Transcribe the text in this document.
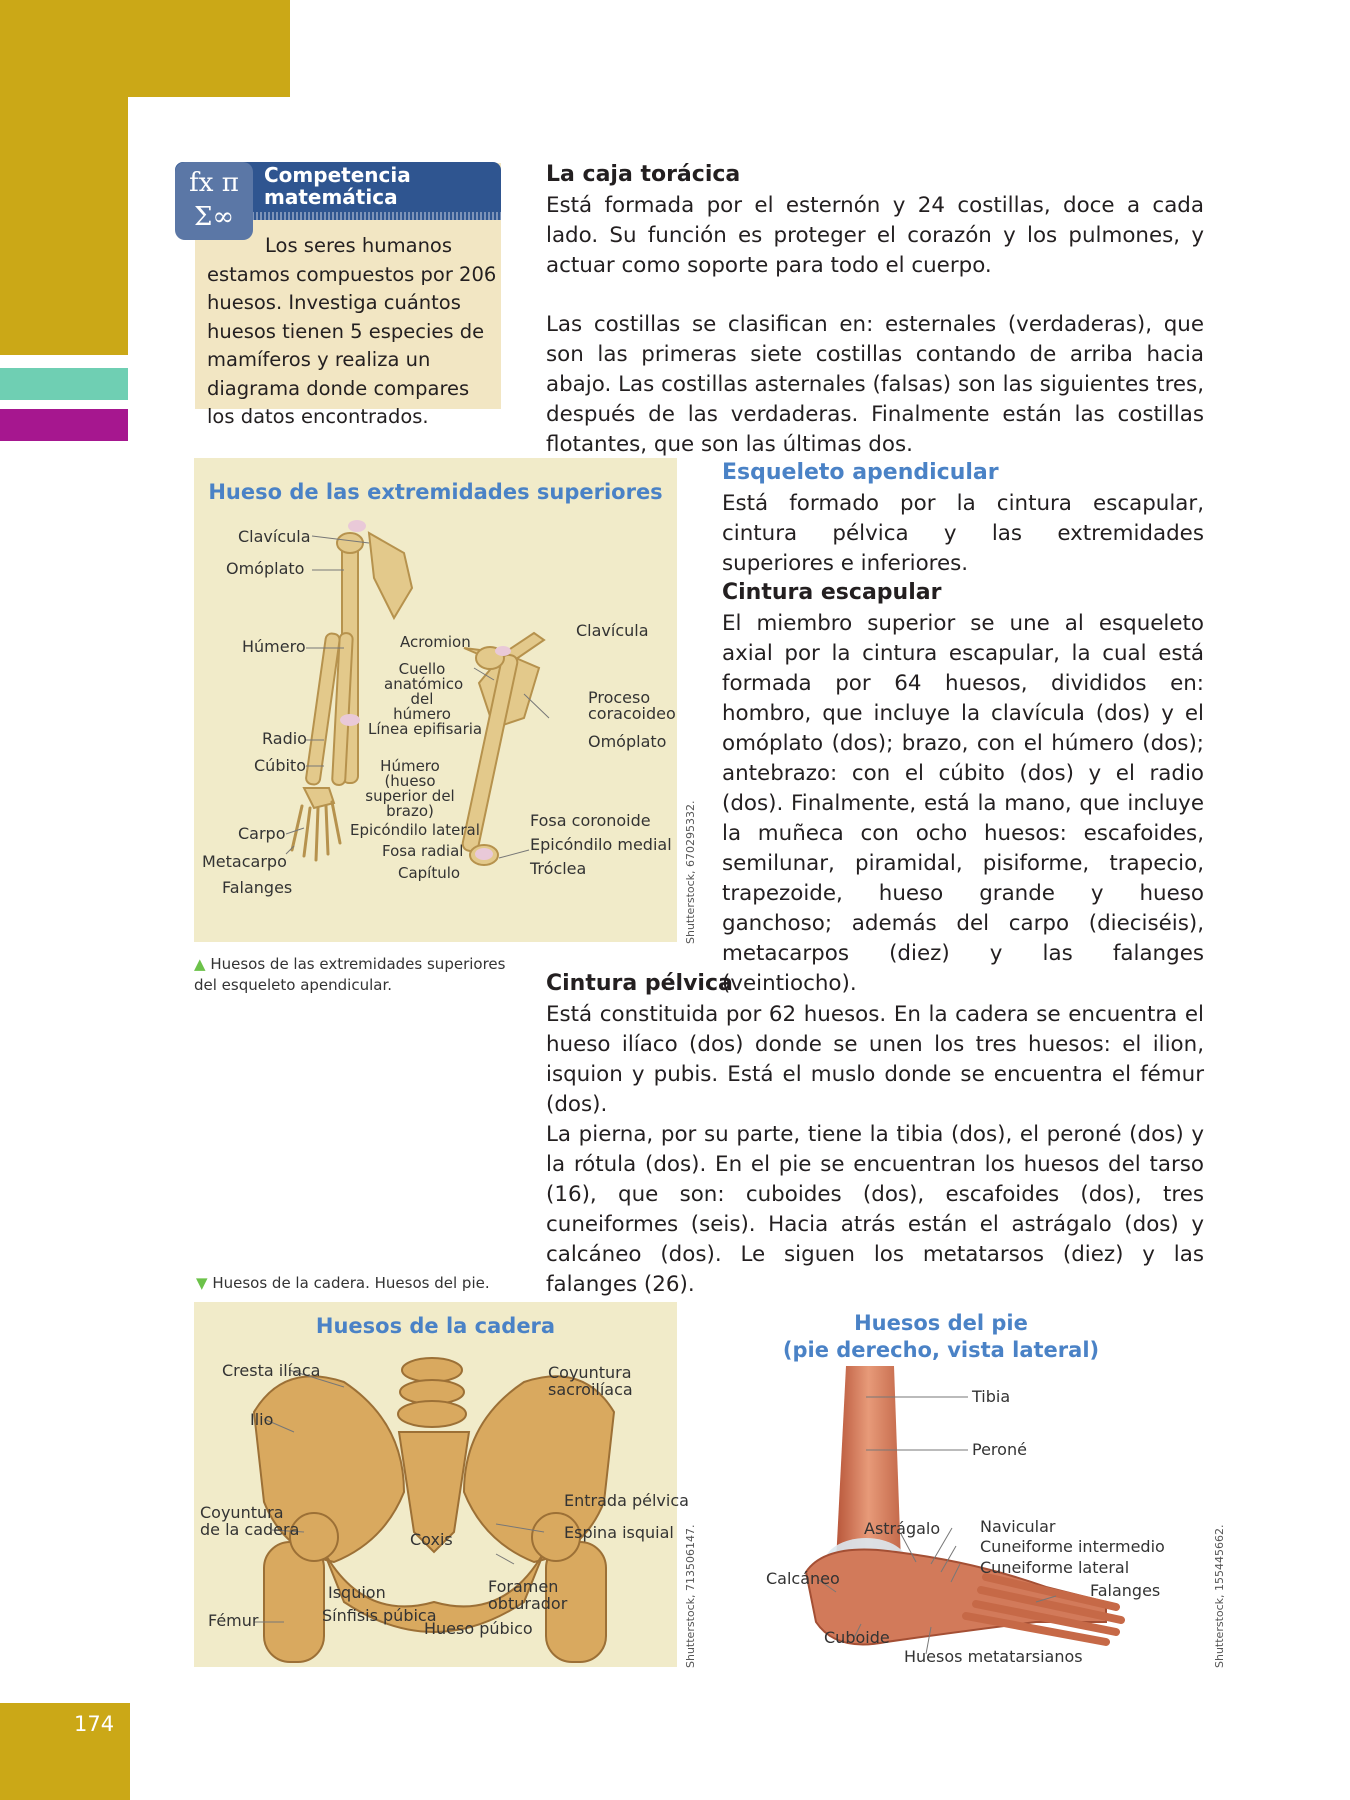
174
fx π Σ∞
Competencia matemática
Los seres humanos estamos compuestos por 206 huesos. Investiga cuántos huesos tienen 5 especies de mamíferos y realiza un diagrama donde compares los datos encontrados.
La caja torácica
Está formada por el esternón y 24 costillas, doce a cada lado. Su función es proteger el corazón y los pulmones, y actuar como soporte para todo el cuerpo.
Las costillas se clasifican en: esternales (verdaderas), que son las primeras siete costillas contando de arriba hacia abajo. Las costillas asternales (falsas) son las siguientes tres, después de las verdaderas. Finalmente están las costillas flotantes, que son las últimas dos.
Esqueleto apendicular
Está formado por la cintura escapular, cintura pélvica y las extremidades superiores e inferiores.
Cintura escapular
El miembro superior se une al esqueleto axial por la cintura escapular, la cual está formada por 64 huesos, divididos en: hombro, que incluye la clavícula (dos) y el omóplato (dos); brazo, con el húmero (dos); antebrazo: con el cúbito (dos) y el radio (dos). Finalmente, está la mano, que incluye la muñeca con ocho huesos: escafoides, semilunar, piramidal, pisiforme, trapecio, trapezoide, hueso grande y hueso ganchoso; además del carpo (dieciséis), metacarpos (diez) y las falanges (veintiocho).
Cintura pélvica
Está constituida por 62 huesos. En la cadera se encuentra el hueso ilíaco (dos) donde se unen los tres huesos: el ilion, isquion y pubis. Está el muslo donde se encuentra el fémur (dos).
La pierna, por su parte, tiene la tibia (dos), el peroné (dos) y la rótula (dos). En el pie se encuentran los huesos del tarso (16), que son: cuboides (dos), escafoides (dos), tres cuneiformes (seis). Hacia atrás están el astrágalo (dos) y calcáneo (dos). Le siguen los metatarsos (diez) y las falanges (26).
Hueso de las extremidades superiores
Clavícula
Omóplato
Húmero
Radio
Cúbito
Carpo
Metacarpo
Falanges
Acromion
Cuello anatómico del húmero
Línea epifisaria
Húmero (hueso superior del brazo)
Epicóndilo lateral
Fosa radial
Capítulo
Clavícula
Proceso coracoideo
Omóplato
Fosa coronoide
Epicóndilo medial
Tróclea	Shutterstock, 670295332.
▲ Huesos de las extremidades superiores del esqueleto apendicular.
▼ Huesos de la cadera. Huesos del pie.
Huesos de la cadera
Cresta ilíaca
Ilio
Coyuntura de la cadera
Fémur
Isquion
Sínfisis púbica
Coxis
Hueso púbico
Foramen obturador
Coyuntura sacroilíaca
Entrada pélvica
Espina isquial Shutterstock, 713506147.
Huesos del pie
(pie derecho, vista lateral)
Tibia
Peroné
Astrágalo Navicular
Cuneiforme intermedio
Cuneiforme lateral
Falanges
Calcáneo
Cuboide
Huesos metatarsianos	Shutterstock, 155445662.
